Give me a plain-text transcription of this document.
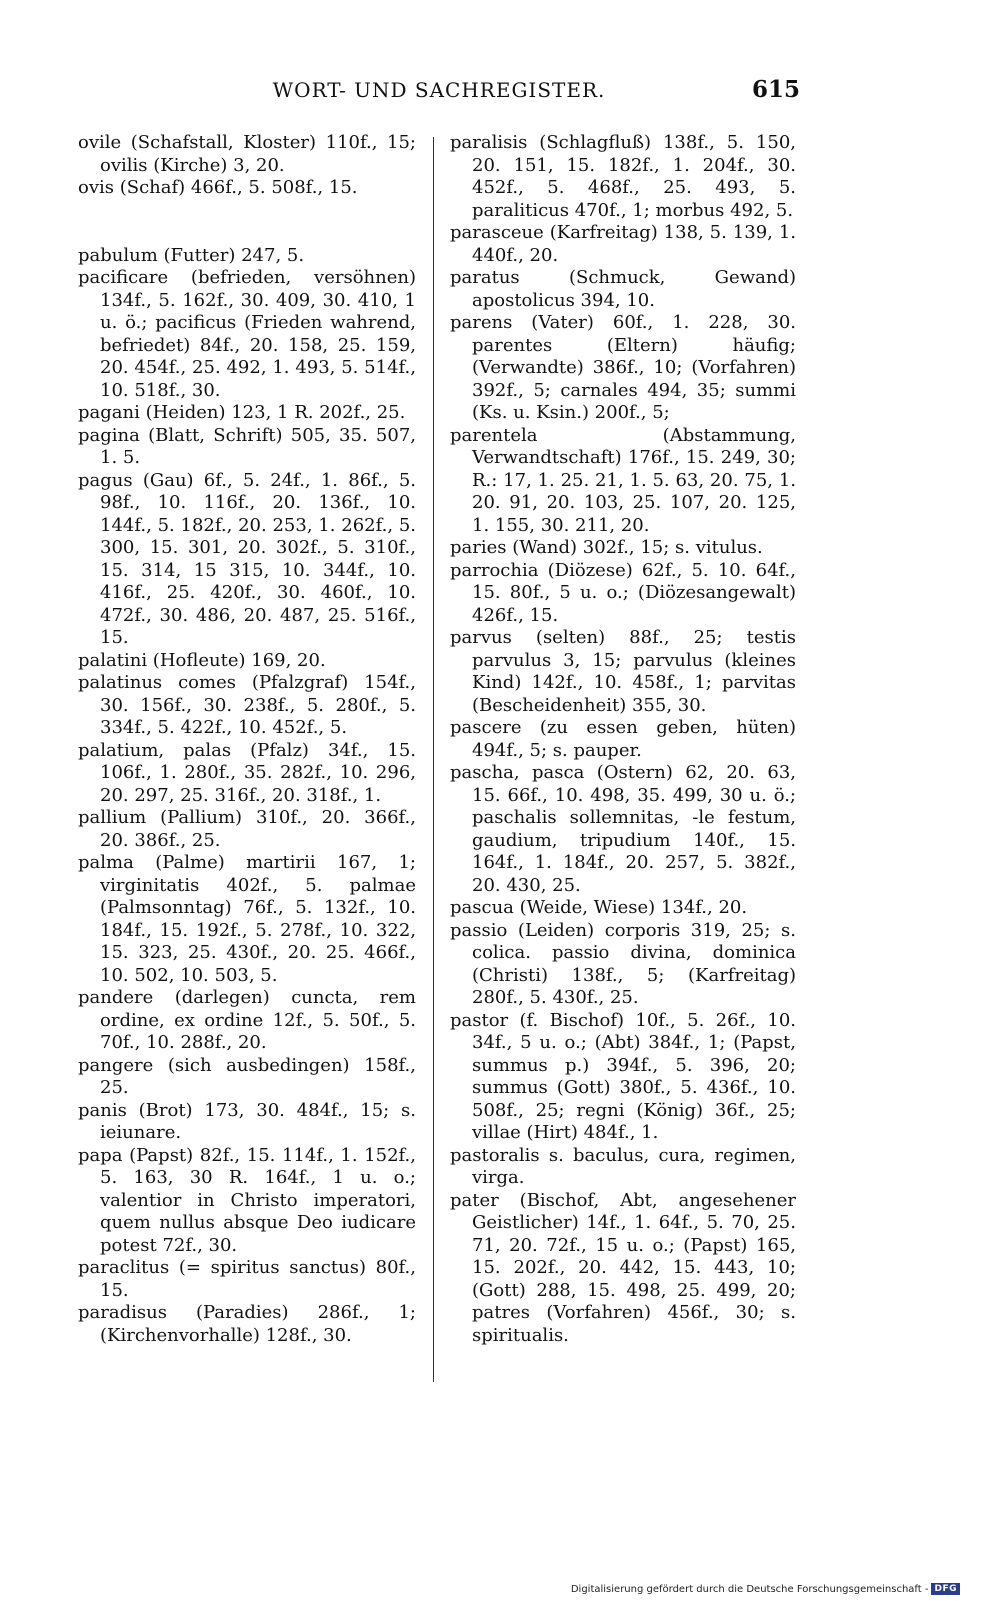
WORT- UND SACHREGISTER.	615

ovile (Schafstall, Kloster) 110f., 15; ovilis (Kirche) 3, 20.

ovis (Schaf) 466f., 5. 508f., 15.

pabulum (Futter) 247, 5.

pacificare (befrieden, versöhnen) 134f., 5. 162f., 30. 409, 30. 410, 1 u. ö.; pacificus (Frieden wahrend, befriedet) 84f., 20. 158, 25. 159, 20. 454f., 25. 492, 1. 493, 5. 514f., 10. 518f., 30.

pagani (Heiden) 123, 1 R. 202f., 25.

pagina (Blatt, Schrift) 505, 35. 507, 1. 5.

pagus (Gau) 6f., 5. 24f., 1. 86f., 5. 98f., 10. 116f., 20. 136f., 10. 144f., 5. 182f., 20. 253, 1. 262f., 5. 300, 15. 301, 20. 302f., 5. 310f., 15. 314, 15 315, 10. 344f., 10. 416f., 25. 420f., 30. 460f., 10. 472f., 30. 486, 20. 487, 25. 516f., 15.

palatini (Hofleute) 169, 20.

palatinus comes (Pfalzgraf) 154f., 30. 156f., 30. 238f., 5. 280f., 5. 334f., 5. 422f., 10. 452f., 5.

palatium, palas (Pfalz) 34f., 15. 106f., 1. 280f., 35. 282f., 10. 296, 20. 297, 25. 316f., 20. 318f., 1.

pallium (Pallium) 310f., 20. 366f., 20. 386f., 25.

palma (Palme) martirii 167, 1; virginitatis 402f., 5. palmae (Palmsonntag) 76f., 5. 132f., 10. 184f., 15. 192f., 5. 278f., 10. 322, 15. 323, 25. 430f., 20. 25. 466f., 10. 502, 10. 503, 5.

pandere (darlegen) cuncta, rem ordine, ex ordine 12f., 5. 50f., 5. 70f., 10. 288f., 20.

pangere (sich ausbedingen) 158f., 25.

panis (Brot) 173, 30. 484f., 15; s. ieiunare.

papa (Papst) 82f., 15. 114f., 1. 152f., 5. 163, 30 R. 164f., 1 u. o.; valentior in Christo imperatori, quem nullus absque Deo iudicare potest 72f., 30.

paraclitus (= spiritus sanctus) 80f., 15.

paradisus (Paradies) 286f., 1; (Kirchenvorhalle) 128f., 30.

paralisis (Schlagfluß) 138f., 5. 150, 20. 151, 15. 182f., 1. 204f., 30. 452f., 5. 468f., 25. 493, 5. paraliticus 470f., 1; morbus 492, 5.

parasceue (Karfreitag) 138, 5. 139, 1. 440f., 20.

paratus (Schmuck, Gewand) apostolicus 394, 10.

parens (Vater) 60f., 1. 228, 30. parentes (Eltern) häufig; (Verwandte) 386f., 10; (Vorfahren) 392f., 5; carnales 494, 35; summi (Ks. u. Ksin.) 200f., 5;

parentela (Abstammung, Verwandtschaft) 176f., 15. 249, 30; R.: 17, 1. 25. 21, 1. 5. 63, 20. 75, 1. 20. 91, 20. 103, 25. 107, 20. 125, 1. 155, 30. 211, 20.

paries (Wand) 302f., 15; s. vitulus.

parrochia (Diözese) 62f., 5. 10. 64f., 15. 80f., 5 u. o.; (Diözesangewalt) 426f., 15.

parvus (selten) 88f., 25; testis parvulus 3, 15; parvulus (kleines Kind) 142f., 10. 458f., 1; parvitas (Bescheidenheit) 355, 30.

pascere (zu essen geben, hüten) 494f., 5; s. pauper.

pascha, pasca (Ostern) 62, 20. 63, 15. 66f., 10. 498, 35. 499, 30 u. ö.; paschalis sollemnitas, -le festum, gaudium, tripudium 140f., 15. 164f., 1. 184f., 20. 257, 5. 382f., 20. 430, 25.

pascua (Weide, Wiese) 134f., 20.

passio (Leiden) corporis 319, 25; s. colica. passio divina, dominica (Christi) 138f., 5; (Karfreitag) 280f., 5. 430f., 25.

pastor (f. Bischof) 10f., 5. 26f., 10. 34f., 5 u. o.; (Abt) 384f., 1; (Papst, summus p.) 394f., 5. 396, 20; summus (Gott) 380f., 5. 436f., 10. 508f., 25; regni (König) 36f., 25; villae (Hirt) 484f., 1.

pastoralis s. baculus, cura, regimen, virga.

pater (Bischof, Abt, angesehener Geistlicher) 14f., 1. 64f., 5. 70, 25. 71, 20. 72f., 15 u. o.; (Papst) 165, 15. 202f., 20. 442, 15. 443, 10; (Gott) 288, 15. 498, 25. 499, 20; patres (Vorfahren) 456f., 30; s. spiritualis.

Digitalisierung gefördert durch die Deutsche Forschungsgemeinschaft - DFG
